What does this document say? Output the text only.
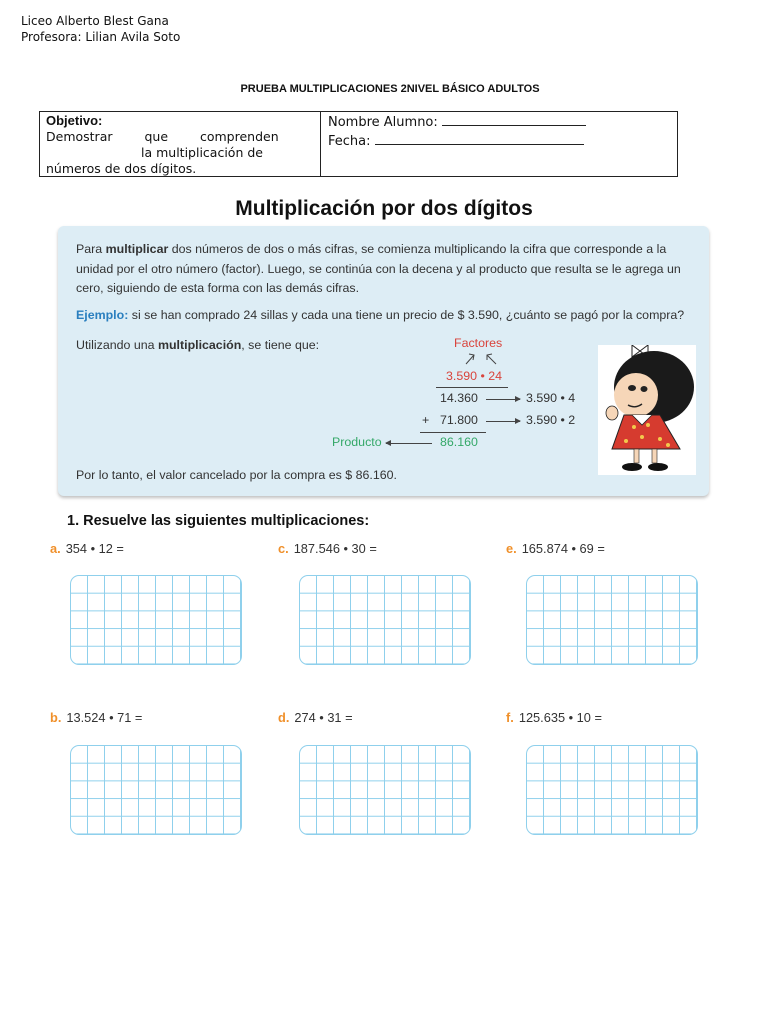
Liceo Alberto Blest Gana
Profesora: Lilian Avila Soto
PRUEBA MULTIPLICACIONES 2NIVEL BÁSICO ADULTOS
Objetivo:
Demostrar que comprenden
la multiplicación de
números de dos dígitos.
Nombre Alumno:
Fecha:
Multiplicación por dos dígitos
Para multiplicar dos números de dos o más cifras, se comienza multiplicando la cifra que corresponde a la unidad por el otro número (factor). Luego, se continúa con la decena y al producto que resulta se le agrega un cero, siguiendo de esta forma con las demás cifras.
Ejemplo: si se han comprado 24 sillas y cada una tiene un precio de $ 3.590, ¿cuánto se pagó por la compra?
Utilizando una multiplicación, se tiene que:	Factores
3.590 • 24
14.360	3.590 • 4
+ 71.800	3.590 • 2
Producto	86.160
Por lo tanto, el valor cancelado por la compra es $ 86.160.
1. Resuelve las siguientes multiplicaciones:
a. 354 • 12 =	c. 187.546 • 30 =	e. 165.874 • 69 =
b. 13.524 • 71 =	d. 274 • 31 =	f. 125.635 • 10 =
